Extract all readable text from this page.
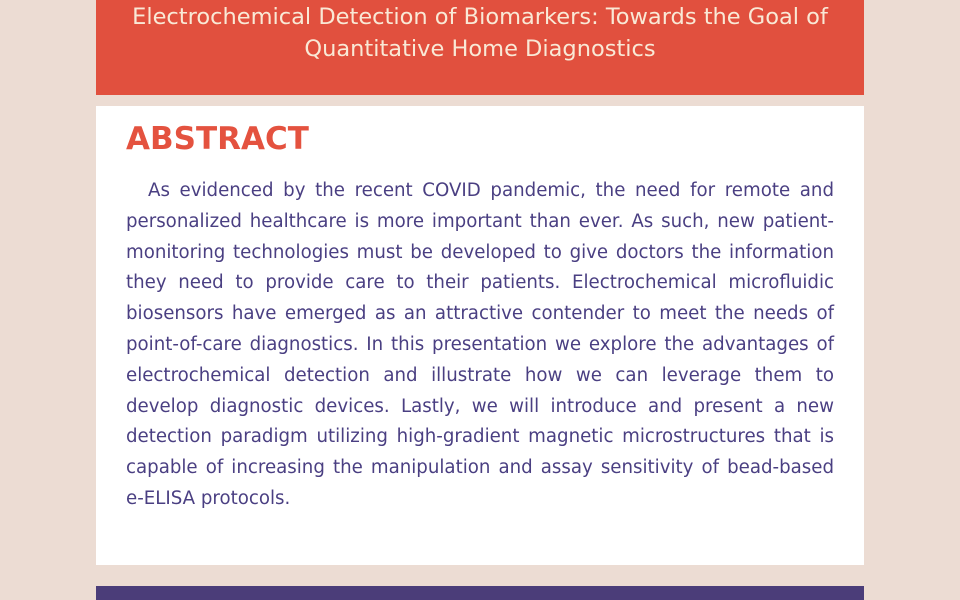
Electrochemical Detection of Biomarkers: Towards the Goal of Quantitative Home Diagnostics
ABSTRACT

As evidenced by the recent COVID pandemic, the need for remote and personalized healthcare is more important than ever. As such, new patient-monitoring technologies must be developed to give doctors the information they need to provide care to their patients. Electrochemical microfluidic biosensors have emerged as an attractive contender to meet the needs of point-of-care diagnostics. In this presentation we explore the advantages of electrochemical detection and illustrate how we can leverage them to develop diagnostic devices. Lastly, we will introduce and present a new detection paradigm utilizing high-gradient magnetic microstructures that is capable of increasing the manipulation and assay sensitivity of bead-based e-ELISA protocols.
